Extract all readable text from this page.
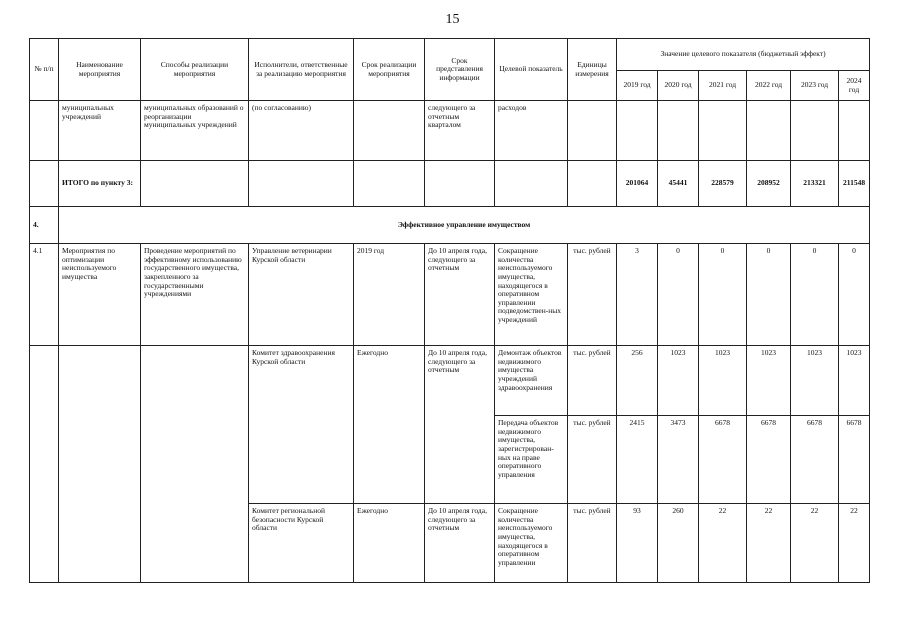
15
№ п/п	Наименование мероприятия	Способы реализации мероприятия	Исполнители, ответственные за реализацию мероприятия	Срок реализации мероприятия	Срок представления информации	Целевой показатель	Единицы измерения	Значение целевого показателя (бюджетный эффект)					
								2019 год	2020 год	2021 год	2022 год	2023 год	2024 год
	муниципальных учреждений	муниципальных образований о реорганизации муниципальных учреждений	(по согласованию)		следующего за отчетным кварталом	расходов							
	ИТОГО по пункту 3:							201064	45441	228579	208952	213321	211548
4.	Эффективное управление имуществом												
4.1	Мероприятия по оптимизации неиспользуемого имущества	Проведение мероприятий по эффективному использованию государственного имущества, закрепленного за государственными учреждениями	Управление ветеринарии Курской области	2019 год	До 10 апреля года, следующего за отчетным	Сокращение количества неиспользуемого имущества, находящегося в оперативном управлении подведомствен-ных учреждений	тыс. рублей	3	0	0	0	0	0
			Комитет здравоохранения Курской области	Ежегодно	До 10 апреля года, следующего за отчетным	Демонтаж объектов недвижимого имущества учреждений здравоохранения	тыс. рублей	256	1023	1023	1023	1023	1023
						Передача объектов недвижимого имущества, зарегистрирован-ных на праве оперативного управления	тыс. рублей	2415	3473	6678	6678	6678	6678
			Комитет региональной безопасности Курской области	Ежегодно	До 10 апреля года, следующего за отчетным	Сокращение количества неиспользуемого имущества, находящегося в оперативном управлении	тыс. рублей	93	260	22	22	22	22
